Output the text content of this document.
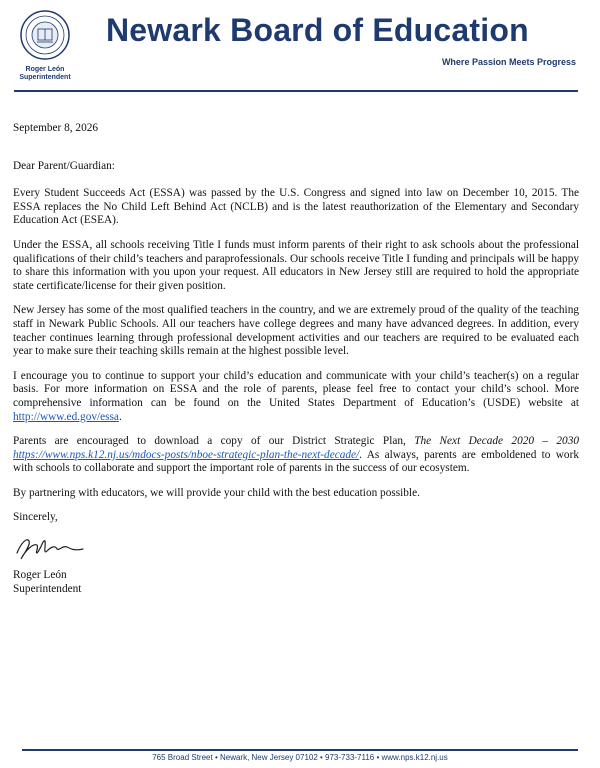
Roger León
Superintendent
Newark Board of Education
Where Passion Meets Progress

September 8, 2026

Dear Parent/Guardian:

Every Student Succeeds Act (ESSA) was passed by the U.S. Congress and signed into law on December 10, 2015. The ESSA replaces the No Child Left Behind Act (NCLB) and is the latest reauthorization of the Elementary and Secondary Education Act (ESEA).

Under the ESSA, all schools receiving Title I funds must inform parents of their right to ask schools about the professional qualifications of their child’s teachers and paraprofessionals. Our schools receive Title I funding and principals will be happy to share this information with you upon your request. All educators in New Jersey still are required to hold the appropriate state certificate/license for their given position.

New Jersey has some of the most qualified teachers in the country, and we are extremely proud of the quality of the teaching staff in Newark Public Schools. All our teachers have college degrees and many have advanced degrees. In addition, every teacher continues learning through professional development activities and our teachers are required to be evaluated each year to make sure their teaching skills remain at the highest possible level.

I encourage you to continue to support your child’s education and communicate with your child’s teacher(s) on a regular basis. For more information on ESSA and the role of parents, please feel free to contact your child’s school. More comprehensive information can be found on the United States Department of Education’s (USDE) website at http://www.ed.gov/essa.

Parents are encouraged to download a copy of our District Strategic Plan, The Next Decade 2020 – 2030 https://www.nps.k12.nj.us/mdocs-posts/nboe-strategic-plan-the-next-decade/. As always, parents are emboldened to work with schools to collaborate and support the important role of parents in the success of our ecosystem.

By partnering with educators, we will provide your child with the best education possible.

Sincerely,

Roger León

Superintendent

765 Broad Street • Newark, New Jersey 07102 • 973-733-7116 • www.nps.k12.nj.us
